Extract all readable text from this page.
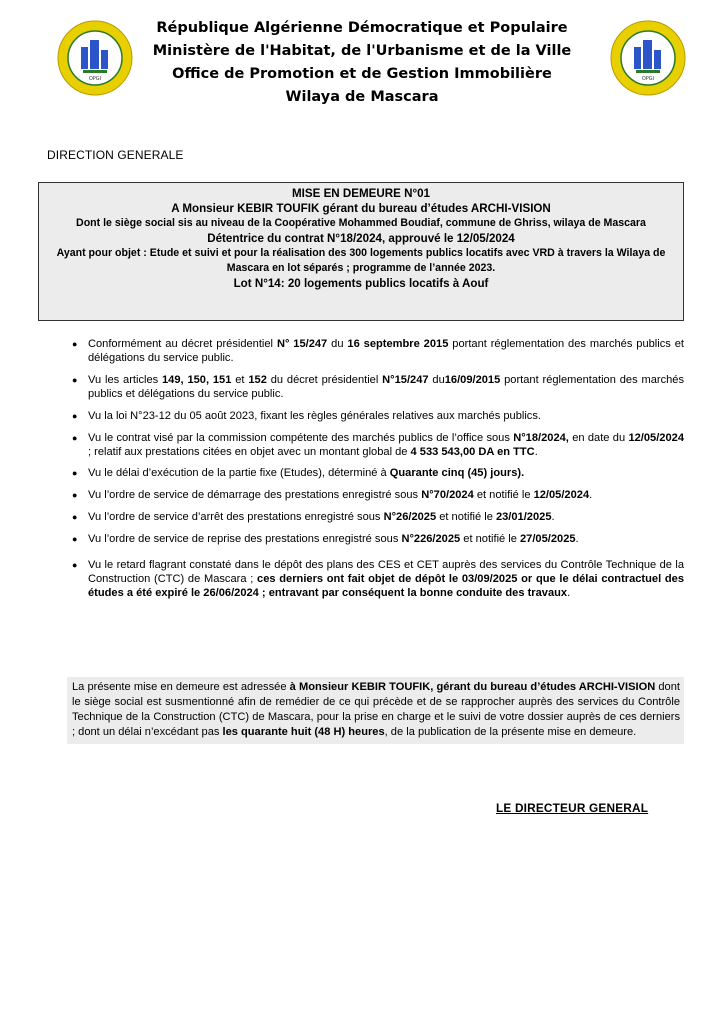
OPGI	OPGI
République Algérienne Démocratique et Populaire
Ministère de l'Habitat, de l'Urbanisme et de la Ville
Office de Promotion et de Gestion Immobilière
Wilaya de Mascara
DIRECTION GENERALE
MISE EN DEMEURE N°01
A Monsieur KEBIR TOUFIK gérant du bureau d’études ARCHI-VISION
Dont le siège social sis au niveau de la Coopérative Mohammed Boudiaf, commune de Ghriss, wilaya de Mascara
Détentrice du contrat N°18/2024, approuvé le 12/05/2024
Ayant pour objet : Etude et suivi et pour la réalisation des 300 logements publics locatifs avec VRD à travers la Wilaya de Mascara en lot séparés ; programme de l’année 2023.
Lot N°14: 20 logements publics locatifs à Aouf
● Conformément au décret présidentiel N° 15/247 du 16 septembre 2015 portant réglementation des marchés publics et délégations du service public.
● Vu les articles 149, 150, 151 et 152 du décret présidentiel N°15/247 du16/09/2015 portant réglementation des marchés publics et délégations du service public.
● Vu la loi N°23-12 du 05 août 2023, fixant les règles générales relatives aux marchés publics.
● Vu le contrat visé par la commission compétente des marchés publics de l’office sous N°18/2024, en date du 12/05/2024 ; relatif aux prestations citées en objet avec un montant global de 4 533 543,00 DA en TTC.
● Vu le délai d’exécution de la partie fixe (Etudes), déterminé à Quarante cinq (45) jours).
● Vu l’ordre de service de démarrage des prestations enregistré sous N°70/2024 et notifié le 12/05/2024.
● Vu l’ordre de service d’arrêt des prestations enregistré sous N°26/2025 et notifié le 23/01/2025.
● Vu l’ordre de service de reprise des prestations enregistré sous N°226/2025 et notifié le 27/05/2025.
● Vu le retard flagrant constaté dans le dépôt des plans des CES et CET auprès des services du Contrôle Technique de la Construction (CTC) de Mascara ; ces derniers ont fait objet de dépôt le 03/09/2025 or que le délai contractuel des études a été expiré le 26/06/2024 ; entravant par conséquent la bonne conduite des travaux.
La présente mise en demeure est adressée à Monsieur KEBIR TOUFIK, gérant du bureau d’études ARCHI-VISION dont le siège social est susmentionné afin de remédier de ce qui précède et de se rapprocher auprès des services du Contrôle Technique de la Construction (CTC) de Mascara, pour la prise en charge et le suivi de votre dossier auprès de ces derniers ; dont un délai n’excédant pas les quarante huit (48 H) heures, de la publication de la présente mise en demeure.
LE DIRECTEUR GENERAL
